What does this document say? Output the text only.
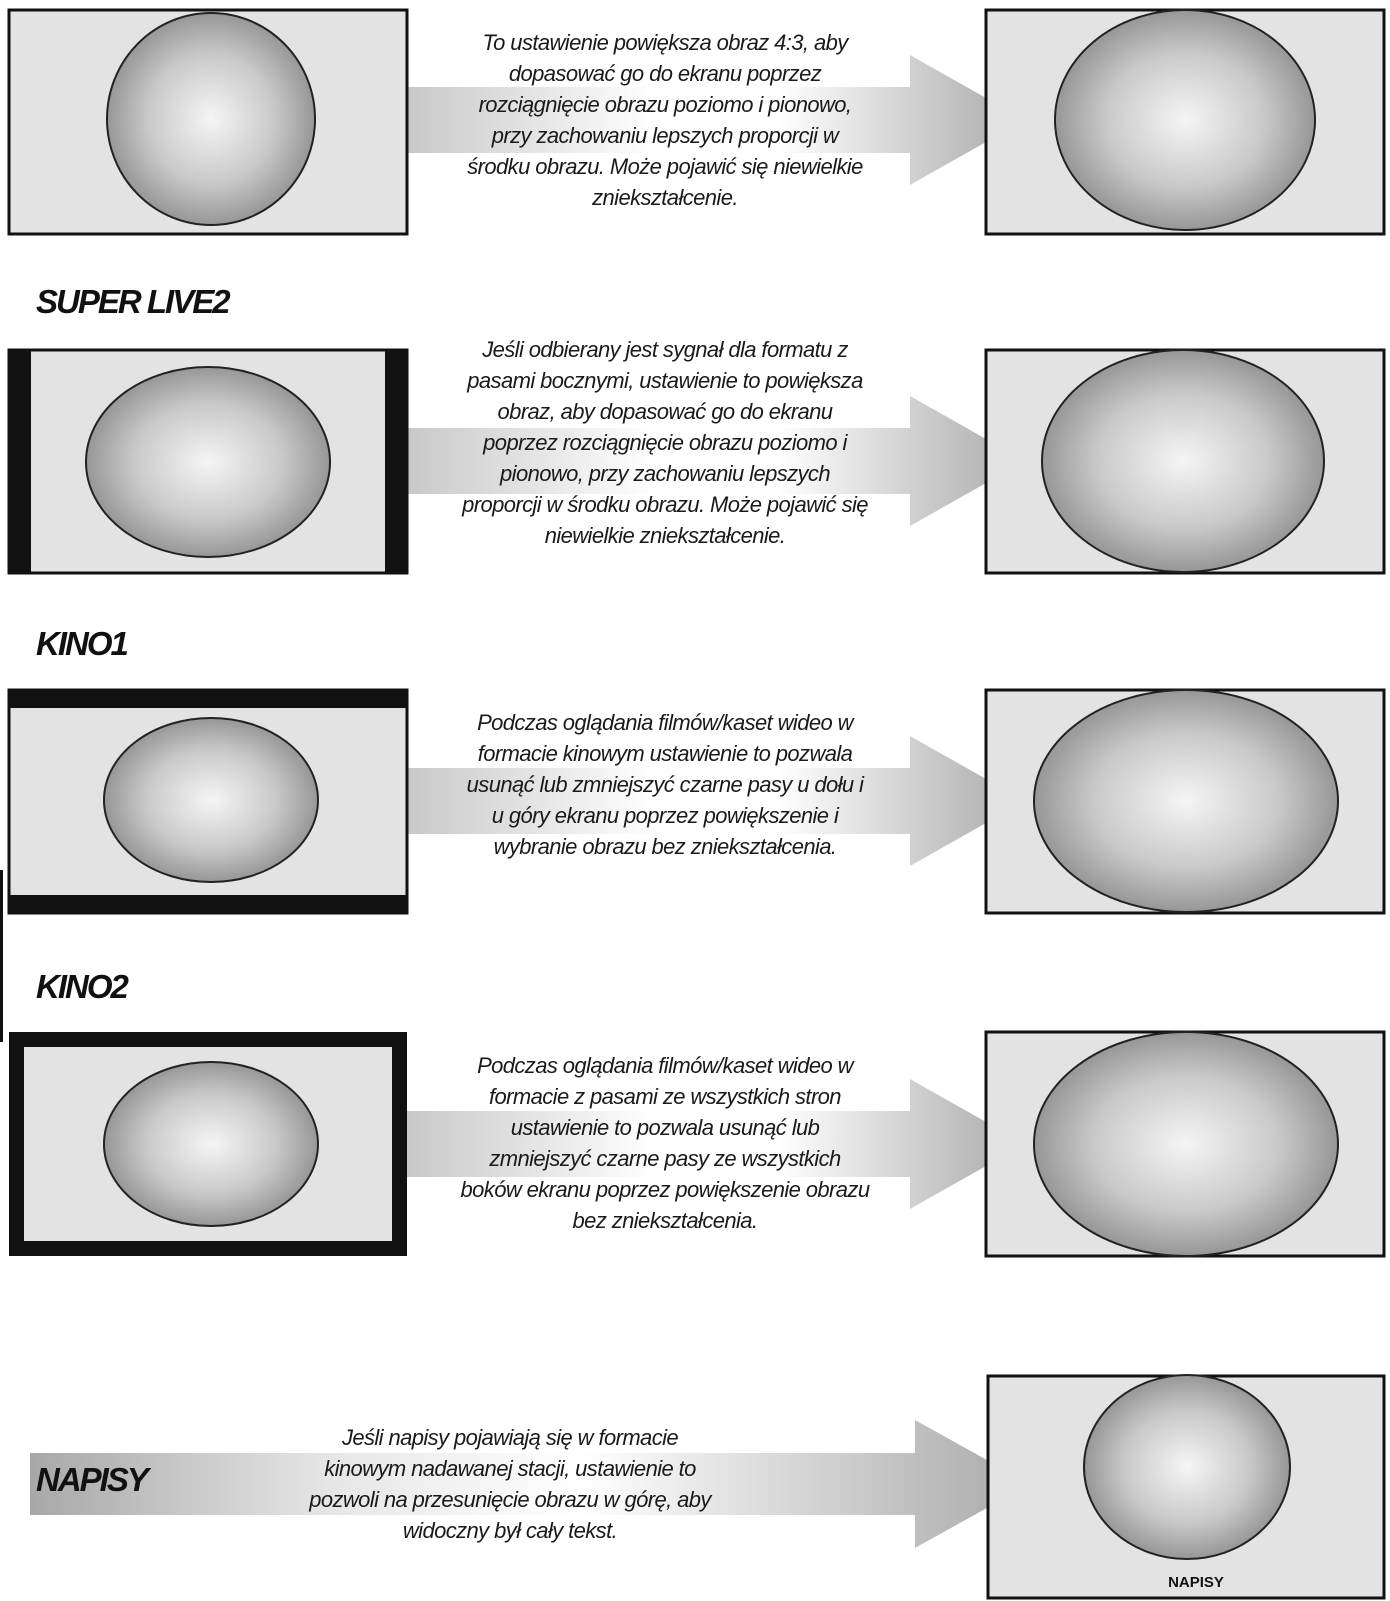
To ustawienie powiększa obraz 4:3, aby dopasować go do ekranu poprzez rozciągnięcie obrazu poziomo i pionowo, przy zachowaniu lepszych proporcji w środku obrazu. Może pojawić się niewielkie zniekształcenie.

SUPER LIVE2

Jeśli odbierany jest sygnał dla formatu z pasami bocznymi, ustawienie to powiększa obraz, aby dopasować go do ekranu poprzez rozciągnięcie obrazu poziomo i pionowo, przy zachowaniu lepszych proporcji w środku obrazu. Może pojawić się niewielkie zniekształcenie.

KINO1

Podczas oglądania filmów/kaset wideo w formacie kinowym ustawienie to pozwala usunąć lub zmniejszyć czarne pasy u dołu i u góry ekranu poprzez powiększenie i wybranie obrazu bez zniekształcenia.

KINO2

Podczas oglądania filmów/kaset wideo w formacie z pasami ze wszystkich stron ustawienie to pozwala usunąć lub zmniejszyć czarne pasy ze wszystkich boków ekranu poprzez powiększenie obrazu bez zniekształcenia.

NAPISY

Jeśli napisy pojawiają się w formacie kinowym nadawanej stacji, ustawienie to pozwoli na przesunięcie obrazu w górę, aby widoczny był cały tekst.

NAPISY
